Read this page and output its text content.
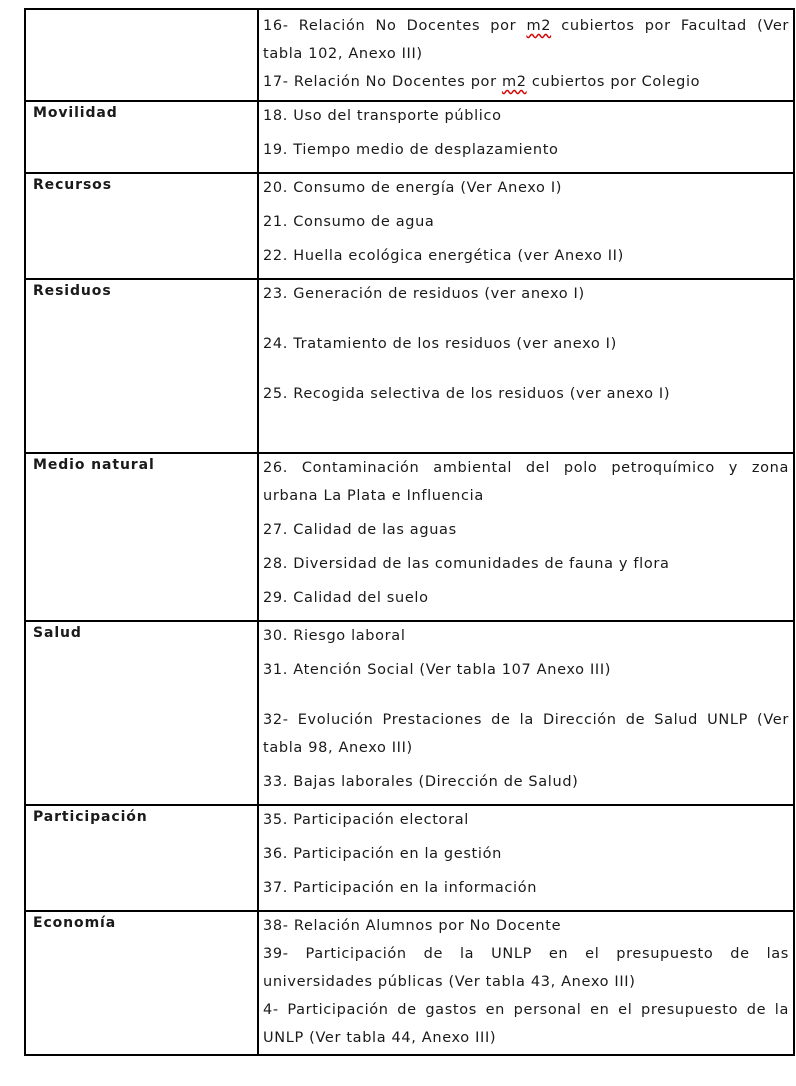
	16- Relación No Docentes por m2 cubiertos por Facultad (Ver tabla 102, Anexo III)
17- Relación No Docentes por m2 cubiertos por Colegio

Movilidad	18. Uso del transporte público
19. Tiempo medio de desplazamiento

Recursos	20. Consumo de energía (Ver Anexo I)
21. Consumo de agua
22. Huella ecológica energética (ver Anexo II)

Residuos	23. Generación de residuos (ver anexo I)
24. Tratamiento de los residuos (ver anexo I)
25. Recogida selectiva de los residuos (ver anexo I)

Medio natural	26. Contaminación ambiental del polo petroquímico y zona urbana La Plata e Influencia
27. Calidad de las aguas
28. Diversidad de las comunidades de fauna y flora
29. Calidad del suelo

Salud	30. Riesgo laboral
31. Atención Social (Ver tabla 107 Anexo III)
32- Evolución Prestaciones de la Dirección de Salud UNLP (Ver tabla 98, Anexo III)
33. Bajas laborales (Dirección de Salud)

Participación	35. Participación electoral
36. Participación en la gestión
37. Participación en la información

Economía	38- Relación Alumnos por No Docente
39- Participación de la UNLP en el presupuesto de las universidades públicas (Ver tabla 43, Anexo III)
4- Participación de gastos en personal en el presupuesto de la UNLP (Ver tabla 44, Anexo III)
